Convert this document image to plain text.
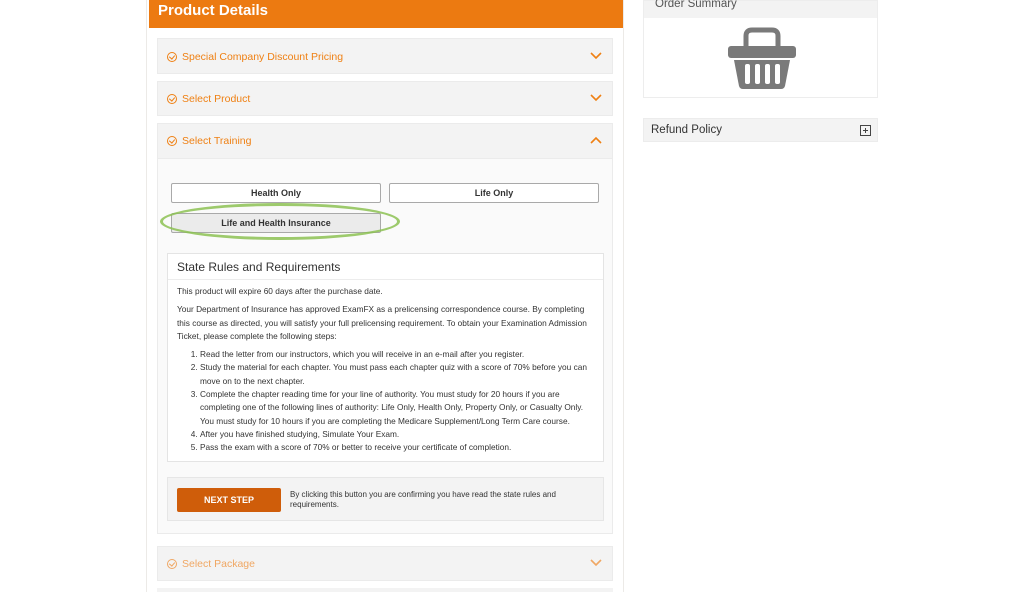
Product Details
Special Company Discount Pricing
Select Product
Select Training
Health Only	Life Only
Life and Health Insurance
State Rules and Requirements

This product will expire 60 days after the purchase date.

Your Department of Insurance has approved ExamFX as a prelicensing correspondence course. By completing this course as directed, you will satisfy your full prelicensing requirement. To obtain your Examination Admission Ticket, please complete the following steps:

1. Read the letter from our instructors, which you will receive in an e-mail after you register.
2. Study the material for each chapter. You must pass each chapter quiz with a score of 70% before you can move on to the next chapter.
3. Complete the chapter reading time for your line of authority. You must study for 20 hours if you are completing one of the following lines of authority: Life Only, Health Only, Property Only, or Casualty Only. You must study for 10 hours if you are completing the Medicare Supplement/Long Term Care course.
4. After you have finished studying, Simulate Your Exam.
5. Pass the exam with a score of 70% or better to receive your certificate of completion.
NEXT STEP
By clicking this button you are confirming you have read the state rules and requirements.
Select Package
Order Summary
Refund Policy
